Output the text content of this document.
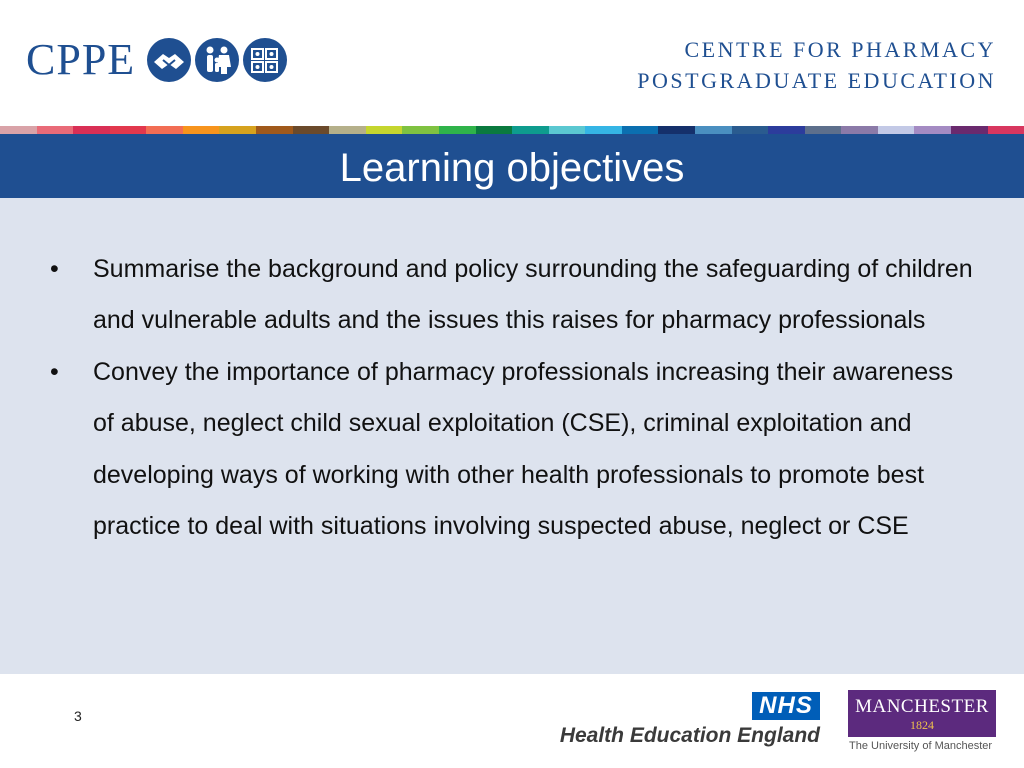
CPPE	CENTRE FOR PHARMACY
POSTGRADUATE EDUCATION
Learning objectives
• Summarise the background and policy surrounding the safeguarding of children and vulnerable adults and the issues this raises for pharmacy professionals
• Convey the importance of pharmacy professionals increasing their awareness of abuse, neglect child sexual exploitation (CSE), criminal exploitation and developing ways of working with other health professionals to promote best practice to deal with situations involving suspected abuse, neglect or CSE
3	NHS
Health Education England
MANCHESTER
1824
The University of Manchester
